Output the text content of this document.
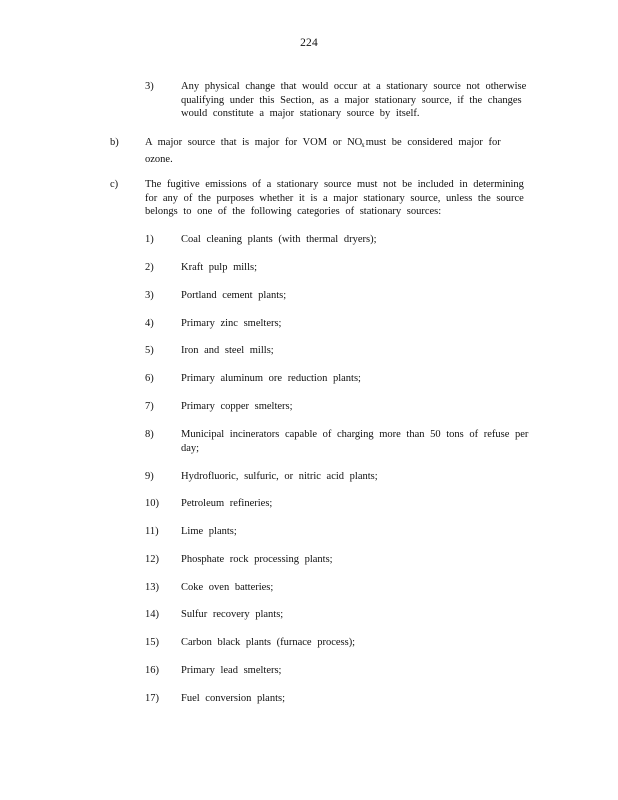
224
3)	Any physical change that would occur at a stationary source not otherwise
qualifying under this Section, as a major stationary source, if the changes
would constitute a major stationary source by itself.
b)	A major source that is major for VOM or $NO_xmust$ be considered major for
ozone.
c)	The fugitive emissions of a stationary source must not be included in determining
for any of the purposes whether it is a major stationary source, unless the source
belongs to one of the following categories of stationary sources:
1)	Coal cleaning plants (with thermal dryers);
2)	Kraft pulp mills;
3)	Portland cement plants;
4)	Primary zinc smelters;
5)	Iron and steel mills;
6)	Primary aluminum ore reduction plants;
7)	Primary copper smelters;
8)	Municipal incinerators capable of charging more than 50 tons of refuse per
day;
9)	Hydrofluoric, sulfuric, or nitric acid plants;
10) Petroleum refineries;
11) Lime plants;
12) Phosphate rock processing plants;
13) Coke oven batteries;
14) Sulfur recovery plants;
15) Carbon black plants (furnace process);
16) Primary lead smelters;
17) Fuel conversion plants;
